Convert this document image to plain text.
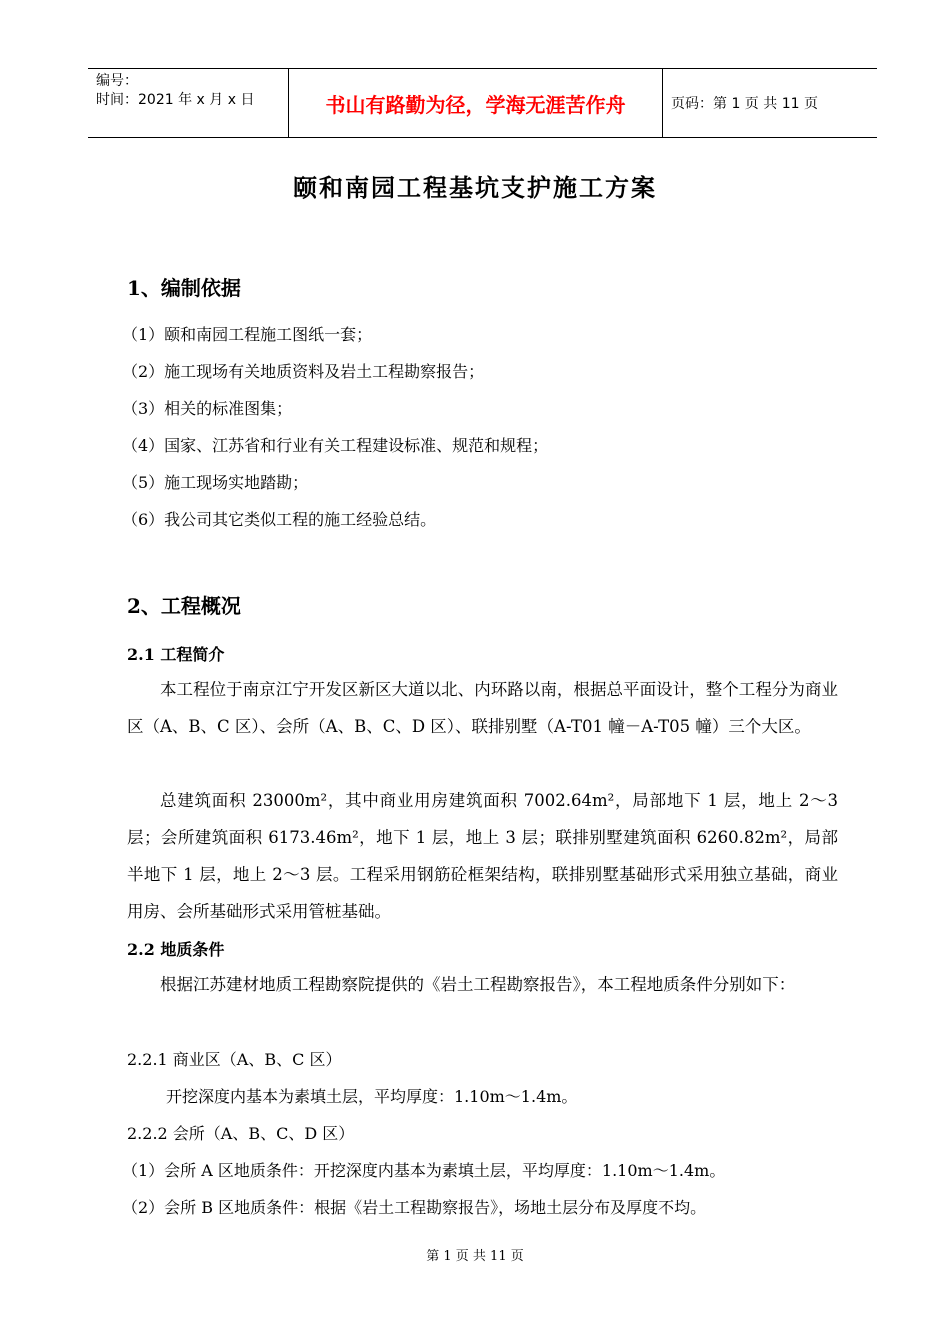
编号：
时间：2021 年 x 月 x 日	书山有路勤为径，学海无涯苦作舟	页码：第 1 页 共 11 页
颐和南园工程基坑支护施工方案
1、编制依据
（1）颐和南园工程施工图纸一套；
（2）施工现场有关地质资料及岩土工程勘察报告；
（3）相关的标准图集；
（4）国家、江苏省和行业有关工程建设标准、规范和规程；
（5）施工现场实地踏勘；
（6）我公司其它类似工程的施工经验总结。
2、工程概况
2.1 工程简介

本工程位于南京江宁开发区新区大道以北、内环路以南，根据总平面设计，整个工程分为商业区（A、B、C 区）、会所（A、B、C、D 区）、联排别墅（A-T01 幢－A-T05 幢）三个大区。

总建筑面积 23000m²，其中商业用房建筑面积 7002.64m²，局部地下 1 层，地上 2～3 层；会所建筑面积 6173.46m²，地下 1 层，地上 3 层；联排别墅建筑面积 6260.82m²，局部半地下 1 层，地上 2～3 层。工程采用钢筋砼框架结构，联排别墅基础形式采用独立基础，商业用房、会所基础形式采用管桩基础。

2.2 地质条件

根据江苏建材地质工程勘察院提供的《岩土工程勘察报告》，本工程地质条件分别如下：

2.2.1 商业区（A、B、C 区）
开挖深度内基本为素填土层，平均厚度：1.10m～1.4m。
2.2.2 会所（A、B、C、D 区）
（1）会所 A 区地质条件：开挖深度内基本为素填土层，平均厚度：1.10m～1.4m。
（2）会所 B 区地质条件：根据《岩土工程勘察报告》，场地土层分布及厚度不均。
第 1 页 共 11 页
